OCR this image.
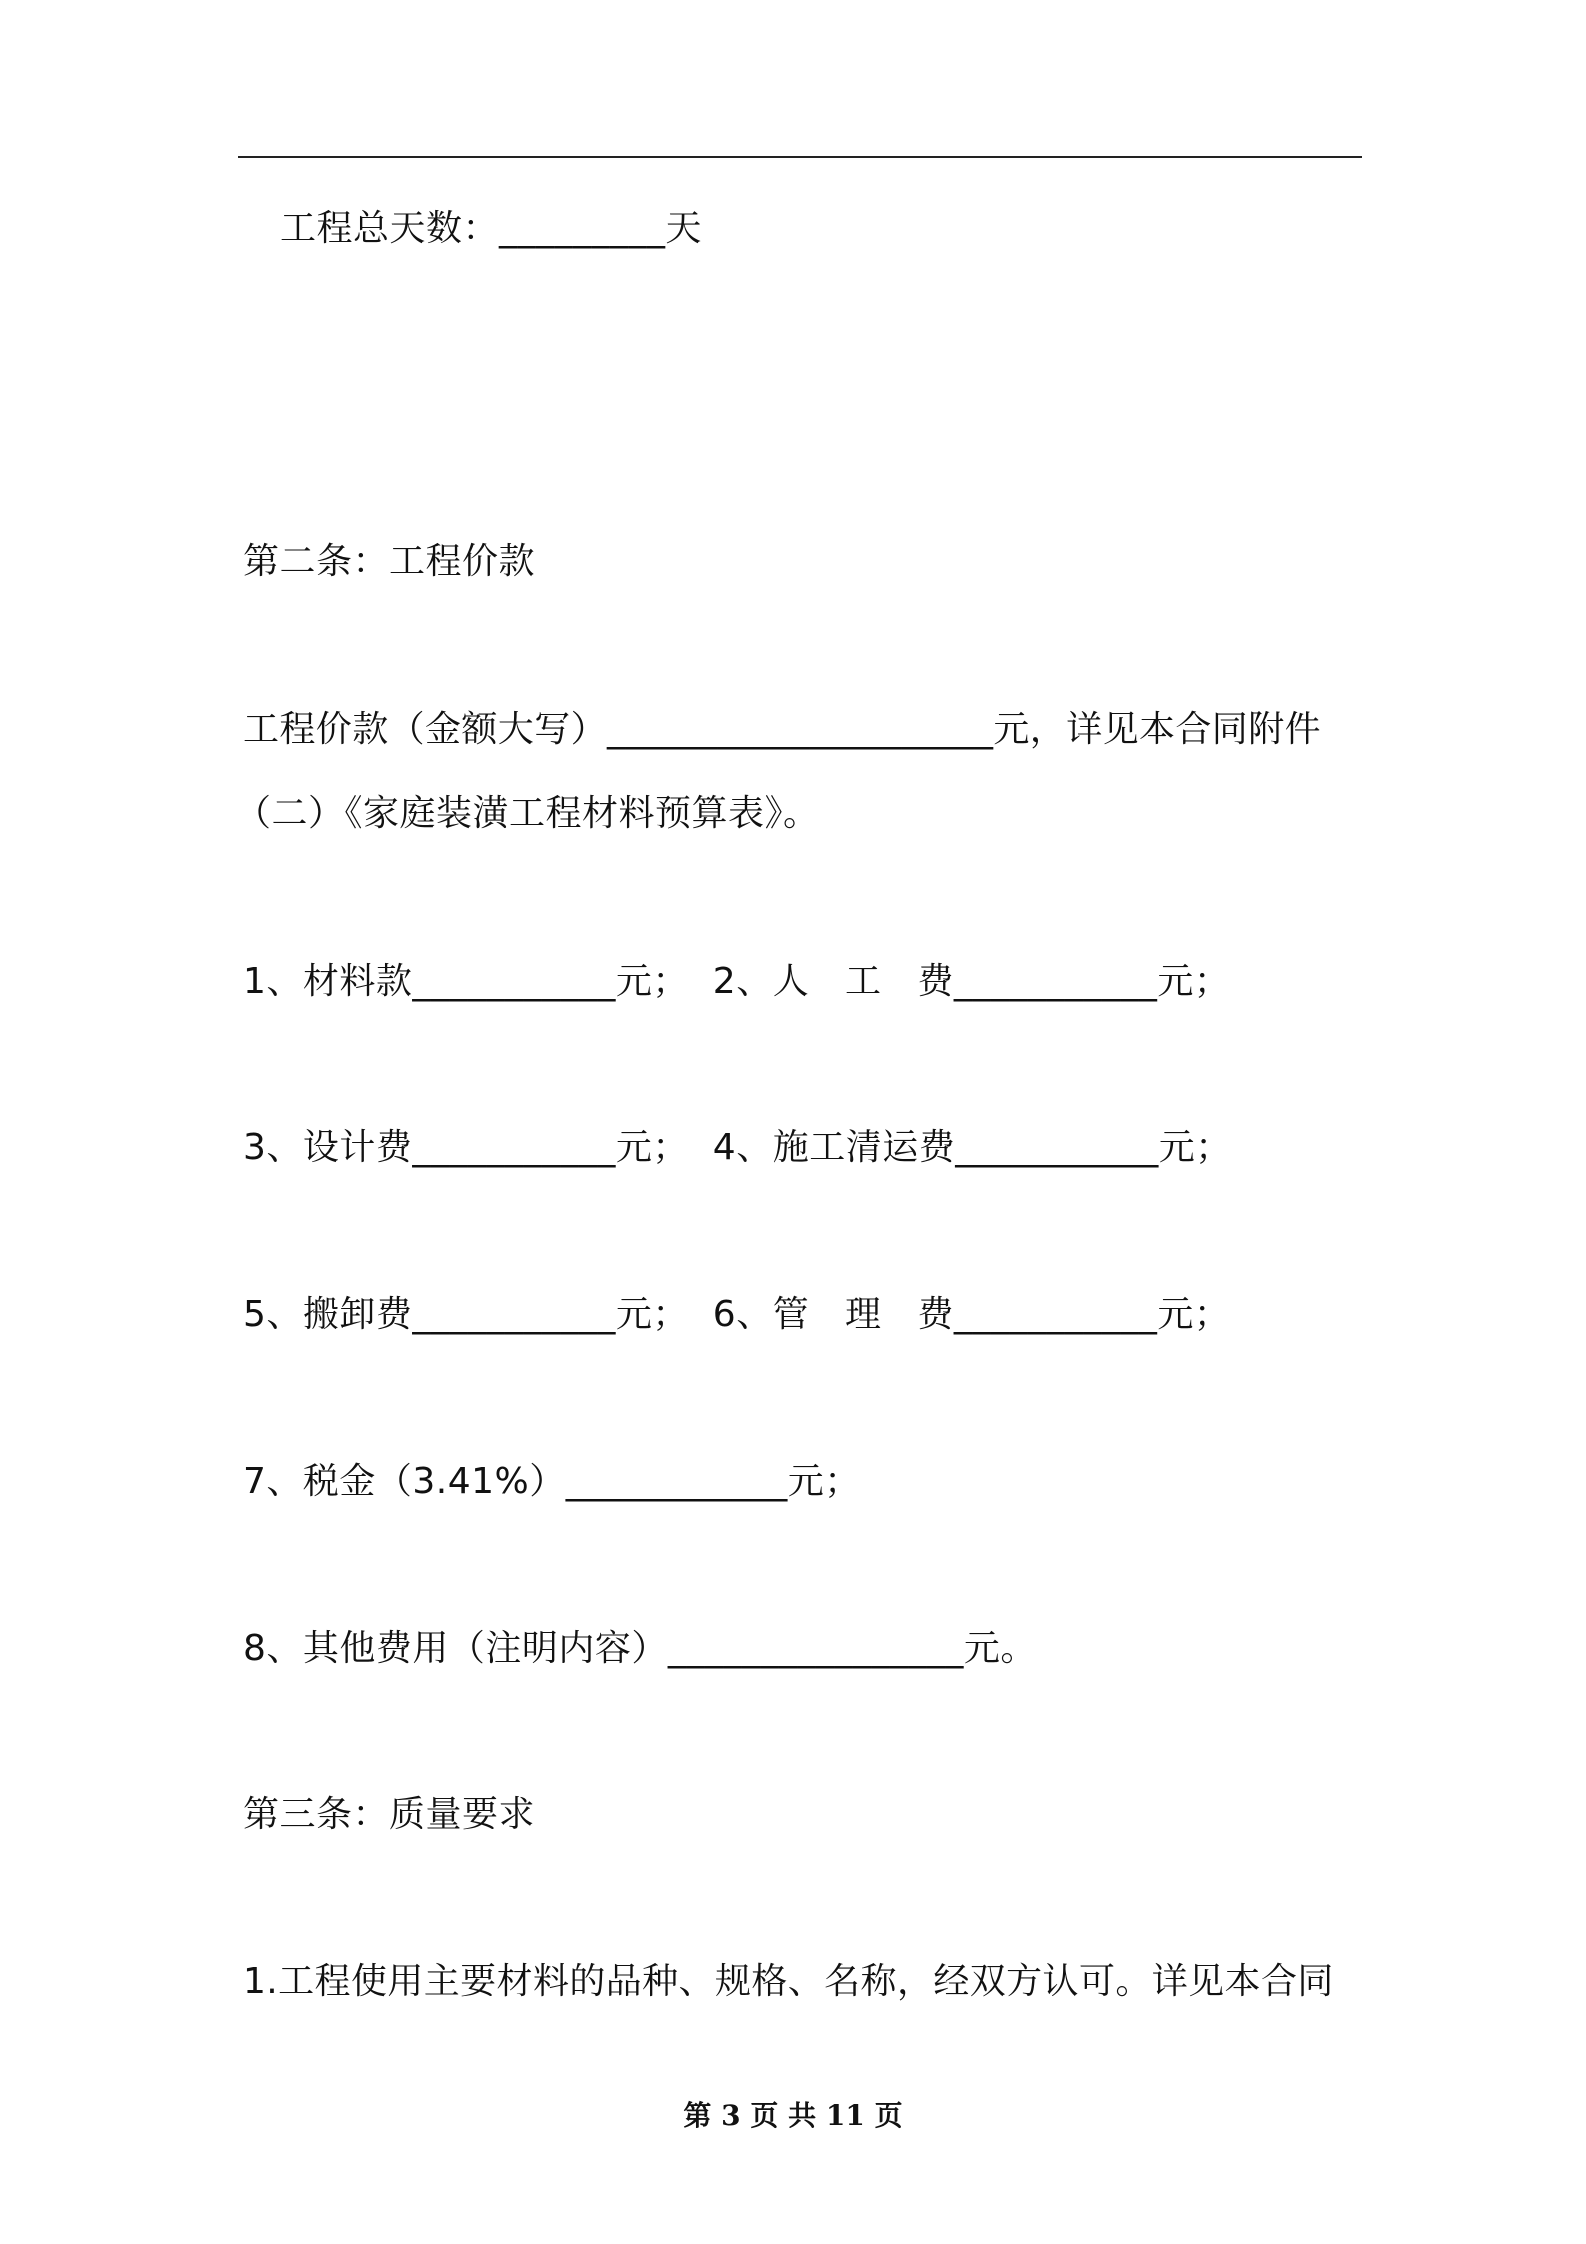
工程总天数：_________天
第二条：工程价款
工程价款（金额大写）_____________________元，详见本合同附件
（二）《家庭装潢工程材料预算表》。
1、材料款___________元；  2、人   工   费___________元；
3、设计费___________元；  4、施工清运费___________元；
5、搬卸费___________元；  6、管   理   费___________元；
7、税金（3.41%）____________元；
8、其他费用（注明内容）________________元。
第三条：质量要求
1.工程使用主要材料的品种、规格、名称，经双方认可。详见本合同
第 3 页 共 11 页
